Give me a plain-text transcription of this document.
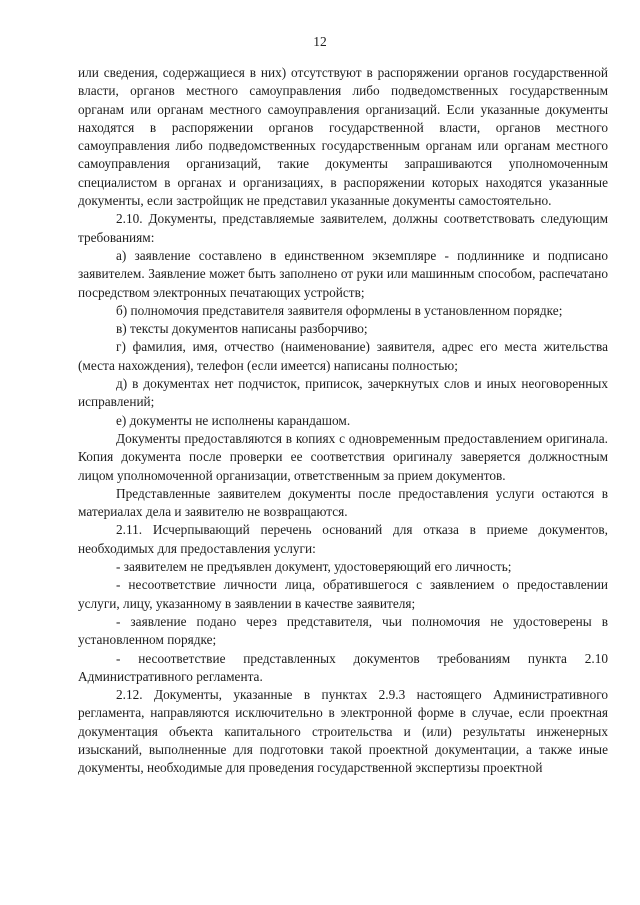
12

или сведения, содержащиеся в них) отсутствуют в распоряжении органов государственной власти, органов местного самоуправления либо подведомственных государственным органам или органам местного самоуправления организаций. Если указанные документы находятся в распоряжении органов государственной власти, органов местного самоуправления либо подведомственных государственным органам или органам местного самоуправления организаций, такие документы запрашиваются уполномоченным специалистом в органах и организациях, в распоряжении которых находятся указанные документы, если застройщик не представил указанные документы самостоятельно.

2.10. Документы, представляемые заявителем, должны соответствовать следующим требованиям:

а) заявление составлено в единственном экземпляре - подлиннике и подписано заявителем. Заявление может быть заполнено от руки или машинным способом, распечатано посредством электронных печатающих устройств;

б) полномочия представителя заявителя оформлены в установленном порядке;

в) тексты документов написаны разборчиво;

г) фамилия, имя, отчество (наименование) заявителя, адрес его места жительства (места нахождения), телефон (если имеется) написаны полностью;

д) в документах нет подчисток, приписок, зачеркнутых слов и иных неоговоренных исправлений;

е) документы не исполнены карандашом.

Документы предоставляются в копиях с одновременным предоставлением оригинала. Копия документа после проверки ее соответствия оригиналу заверяется должностным лицом уполномоченной организации, ответственным за прием документов.

Представленные заявителем документы после предоставления услуги остаются в материалах дела и заявителю не возвращаются.

2.11. Исчерпывающий перечень оснований для отказа в приеме документов, необходимых для предоставления услуги:

- заявителем не предъявлен документ, удостоверяющий его личность;

- несоответствие личности лица, обратившегося с заявлением о предоставлении услуги, лицу, указанному в заявлении в качестве заявителя;

- заявление подано через представителя, чьи полномочия не удостоверены в установленном порядке;

- несоответствие представленных документов требованиям пункта 2.10 Административного регламента.

2.12. Документы, указанные в пунктах 2.9.3 настоящего Административного регламента, направляются исключительно в электронной форме в случае, если проектная документация объекта капитального строительства и (или) результаты инженерных изысканий, выполненные для подготовки такой проектной документации, а также иные документы, необходимые для проведения государственной экспертизы проектной
